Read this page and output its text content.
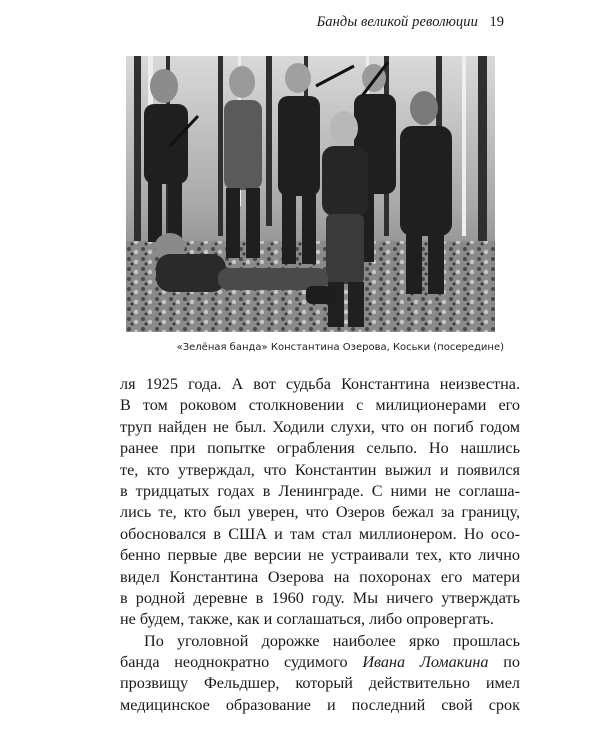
Банды великой революции 19
«Зелёная банда» Константина Озерова, Коськи (посередине)
ля 1925 года. А вот судьба Константина неизвестна.
В том роковом столкновении с милиционерами его
труп найден не был. Ходили слухи, что он погиб годом
ранее при попытке ограбления сельпо. Но нашлись
те, кто утверждал, что Константин выжил и появился
в тридцатых годах в Ленинграде. С ними не соглаша-
лись те, кто был уверен, что Озеров бежал за границу,
обосновался в США и там стал миллионером. Но осо-
бенно первые две версии не устраивали тех, кто лично
видел Константина Озерова на похоронах его матери
в родной деревне в 1960 году. Мы ничего утверждать
не будем, также, как и соглашаться, либо опровергать.
По уголовной дорожке наиболее ярко прошлась
банда неоднократно судимого Ивана Ломакина по
прозвищу Фельдшер, который действительно имел
медицинское образование и последний свой срок
